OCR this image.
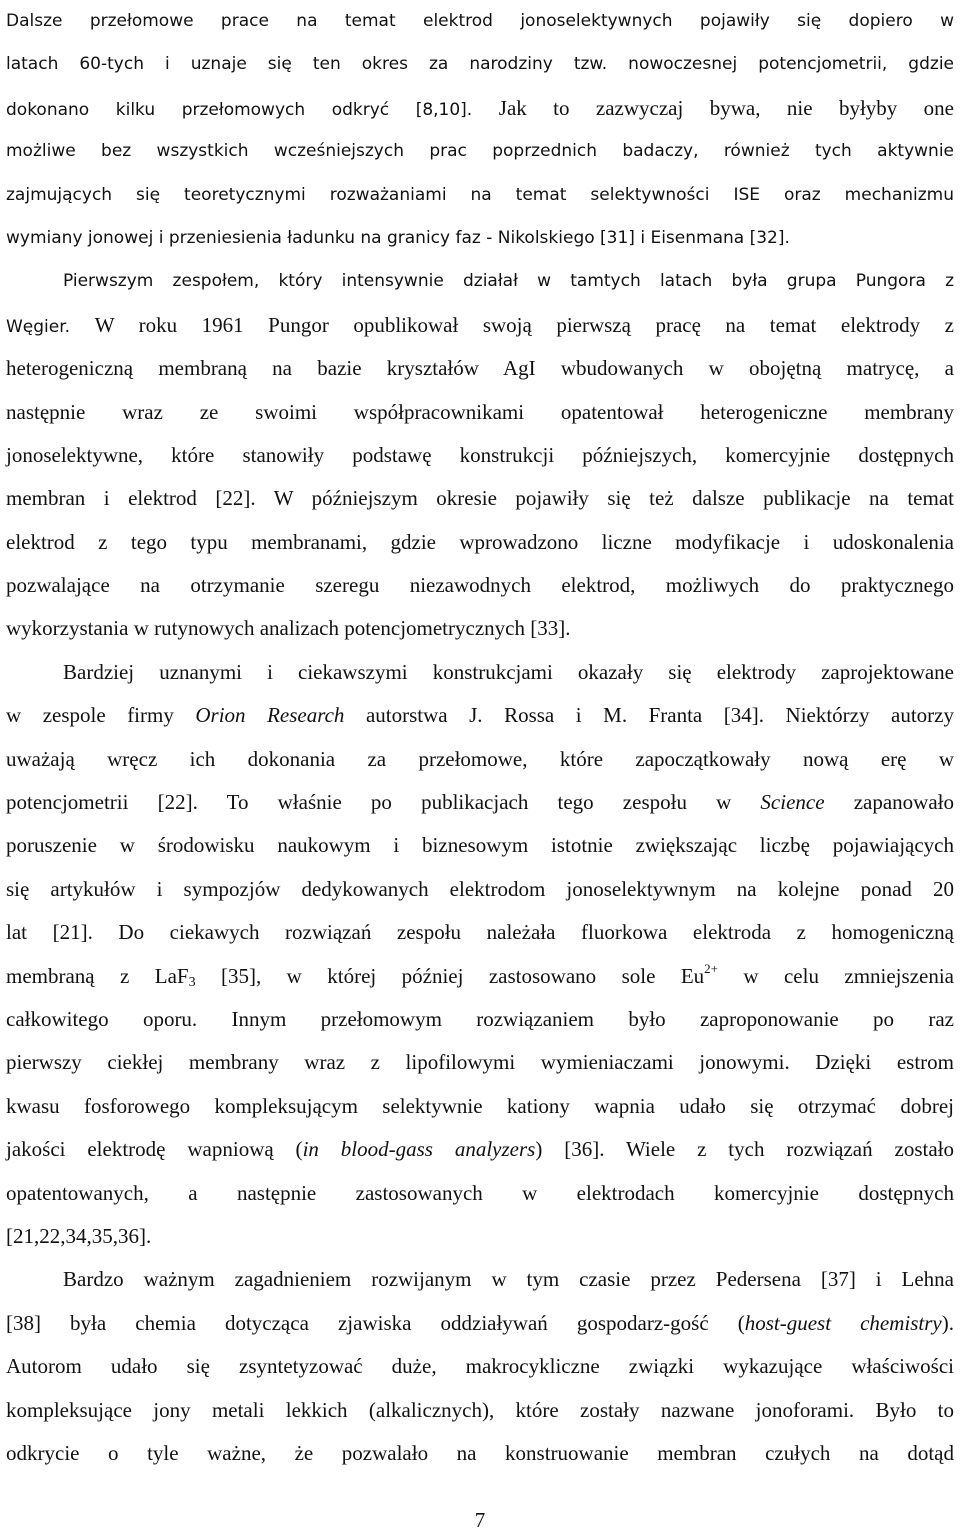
Dalsze przełomowe prace na temat elektrod jonoselektywnych pojawiły się dopiero w
latach 60-tych i uznaje się ten okres za narodziny tzw. nowoczesnej potencjometrii, gdzie
dokonano kilku przełomowych odkryć [8,10]. Jak to zazwyczaj bywa, nie byłyby one
możliwe bez wszystkich wcześniejszych prac poprzednich badaczy, również tych aktywnie
zajmujących się teoretycznymi rozważaniami na temat selektywności ISE oraz mechanizmu
wymiany jonowej i przeniesienia ładunku na granicy faz - Nikolskiego [31] i Eisenmana [32].
Pierwszym zespołem, który intensywnie działał w tamtych latach była grupa Pungora z
Węgier. W roku 1961 Pungor opublikował swoją pierwszą pracę na temat elektrody z
heterogeniczną membraną na bazie kryształów AgI wbudowanych w obojętną matrycę, a
następnie wraz ze swoimi współpracownikami opatentował heterogeniczne membrany
jonoselektywne, które stanowiły podstawę konstrukcji późniejszych, komercyjnie dostępnych
membran i elektrod [22]. W późniejszym okresie pojawiły się też dalsze publikacje na temat
elektrod z tego typu membranami, gdzie wprowadzono liczne modyfikacje i udoskonalenia
pozwalające na otrzymanie szeregu niezawodnych elektrod, możliwych do praktycznego
wykorzystania w rutynowych analizach potencjometrycznych [33].
Bardziej uznanymi i ciekawszymi konstrukcjami okazały się elektrody zaprojektowane
w zespole firmy Orion Research autorstwa J. Rossa i M. Franta [34]. Niektórzy autorzy
uważają wręcz ich dokonania za przełomowe, które zapoczątkowały nową erę w
potencjometrii [22]. To właśnie po publikacjach tego zespołu w Science zapanowało
poruszenie w środowisku naukowym i biznesowym istotnie zwiększając liczbę pojawiających
się artykułów i sympozjów dedykowanych elektrodom jonoselektywnym na kolejne ponad 20
lat [21]. Do ciekawych rozwiązań zespołu należała fluorkowa elektroda z homogeniczną
membraną z LaF$_3$ [35], w której później zastosowano sole $Eu^{2+}$ w celu zmniejszenia
całkowitego oporu. Innym przełomowym rozwiązaniem było zaproponowanie po raz
pierwszy ciekłej membrany wraz z lipofilowymi wymieniaczami jonowymi. Dzięki estrom
kwasu fosforowego kompleksującym selektywnie kationy wapnia udało się otrzymać dobrej
jakości elektrodę wapniową (in blood-gass analyzers) [36]. Wiele z tych rozwiązań zostało
opatentowanych, a następnie zastosowanych w elektrodach komercyjnie dostępnych
[21,22,34,35,36].
Bardzo ważnym zagadnieniem rozwijanym w tym czasie przez Pedersena [37] i Lehna
[38] była chemia dotycząca zjawiska oddziaływań gospodarz-gość (host-guest chemistry).
Autorom udało się zsyntetyzować duże, makrocykliczne związki wykazujące właściwości
kompleksujące jony metali lekkich (alkalicznych), które zostały nazwane jonoforami. Było to
odkrycie o tyle ważne, że pozwalało na konstruowanie membran czułych na dotąd
7
